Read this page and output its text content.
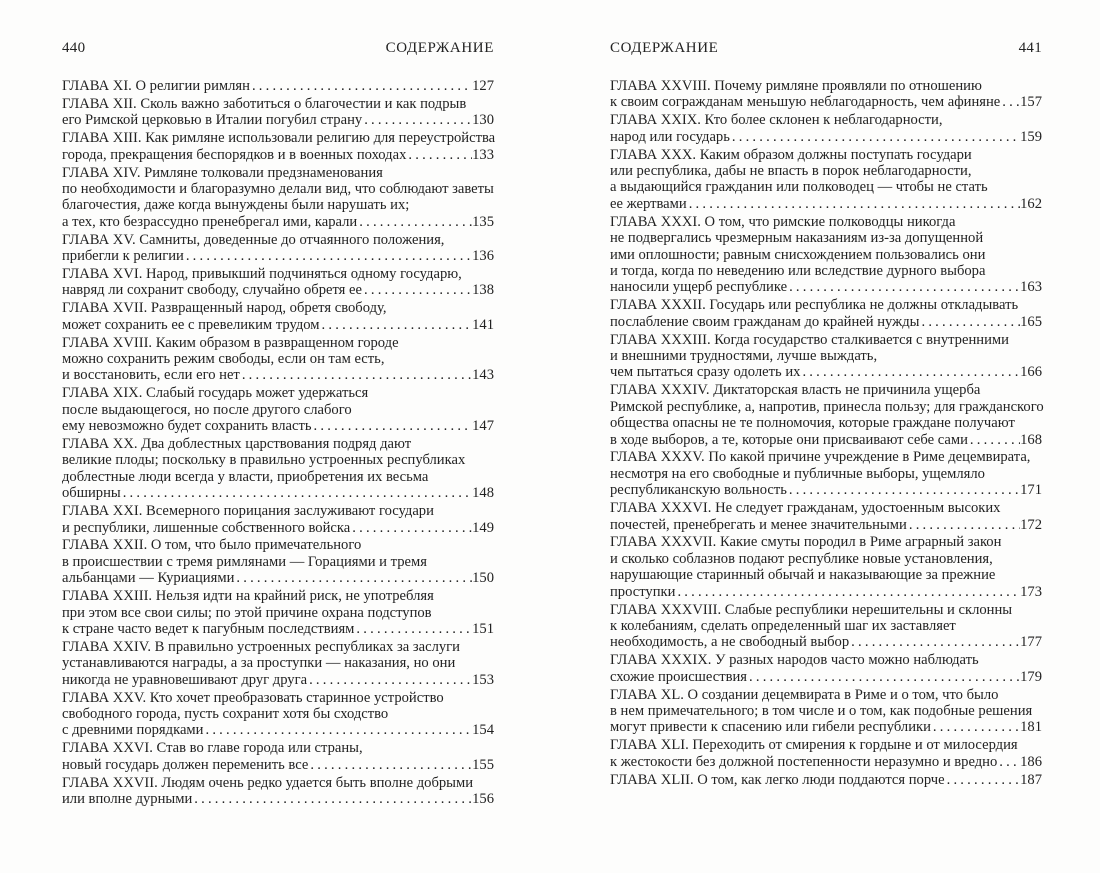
440	СОДЕРЖАНИЕ
ГЛАВА XI. О религии римлян .....	127
ГЛАВА XII. Сколь важно заботиться о благочестии и как подрыв
его Римской церковью в Италии погубил страну .....	130
ГЛАВА XIII. Как римляне использовали религию для переустройства
города, прекращения беспорядков и в военных походах .....	133
ГЛАВА XIV. Римляне толковали предзнаменования
по необходимости и благоразумно делали вид, что соблюдают заветы
благочестия, даже когда вынуждены были нарушать их;
а тех, кто безрассудно пренебрегал ими, карали .....	135
ГЛАВА XV. Самниты, доведенные до отчаянного положения,
прибегли к религии .....	136
ГЛАВА XVI. Народ, привыкший подчиняться одному государю,
навряд ли сохранит свободу, случайно обретя ее .....	138
ГЛАВА XVII. Развращенный народ, обретя свободу,
может сохранить ее с превеликим трудом .....	141
ГЛАВА XVIII. Каким образом в развращенном городе
можно сохранить режим свободы, если он там есть,
и восстановить, если его нет .....	143
ГЛАВА XIX. Слабый государь может удержаться
после выдающегося, но после другого слабого
ему невозможно будет сохранить власть .....	147
ГЛАВА XX. Два доблестных царствования подряд дают
великие плоды; поскольку в правильно устроенных республиках
доблестные люди всегда у власти, приобретения их весьма
обширны .....	148
ГЛАВА XXI. Всемерного порицания заслуживают государи
и республики, лишенные собственного войска .....	149
ГЛАВА XXII. О том, что было примечательного
в происшествии с тремя римлянами — Горациями и тремя
альбанцами — Куриациями .....	150
ГЛАВА XXIII. Нельзя идти на крайний риск, не употребляя
при этом все свои силы; по этой причине охрана подступов
к стране часто ведет к пагубным последствиям .....	151
ГЛАВА XXIV. В правильно устроенных республиках за заслуги
устанавливаются награды, а за проступки — наказания, но они
никогда не уравновешивают друг друга .....	153
ГЛАВА XXV. Кто хочет преобразовать старинное устройство
свободного города, пусть сохранит хотя бы сходство
с древними порядками .....	154
ГЛАВА XXVI. Став во главе города или страны,
новый государь должен переменить все .....	155
ГЛАВА XXVII. Людям очень редко удается быть вполне добрыми
или вполне дурными .....	156
СОДЕРЖАНИЕ	441
ГЛАВА XXVIII. Почему римляне проявляли по отношению
к своим согражданам меньшую неблагодарность, чем афиняне ..... 157
ГЛАВА XXIX. Кто более склонен к неблагодарности,
народ или государь .....	159
ГЛАВА XXX. Каким образом должны поступать государи
или республика, дабы не впасть в порок неблагодарности,
а выдающийся гражданин или полководец — чтобы не стать
ее жертвами .....	162
ГЛАВА XXXI. О том, что римские полководцы никогда
не подвергались чрезмерным наказаниям из-за допущенной
ими оплошности; равным снисхождением пользовались они
и тогда, когда по неведению или вследствие дурного выбора
наносили ущерб республике .....	163
ГЛАВА XXXII. Государь или республика не должны откладывать
послабление своим гражданам до крайней нужды .....	165
ГЛАВА XXXIII. Когда государство сталкивается с внутренними
и внешними трудностями, лучше выждать,
чем пытаться сразу одолеть их .....	166
ГЛАВА XXXIV. Диктаторская власть не причинила ущерба
Римской республике, а, напротив, принесла пользу; для гражданского
общества опасны не те полномочия, которые граждане получают
в ходе выборов, а те, которые они присваивают себе сами .....	168
ГЛАВА XXXV. По какой причине учреждение в Риме децемвирата,
несмотря на его свободные и публичные выборы, ущемляло
республиканскую вольность .....	171
ГЛАВА XXXVI. Не следует гражданам, удостоенным высоких
почестей, пренебрегать и менее значительными .....	172
ГЛАВА XXXVII. Какие смуты породил в Риме аграрный закон
и сколько соблазнов подают республике новые установления,
нарушающие старинный обычай и наказывающие за прежние
проступки .....	173
ГЛАВА XXXVIII. Слабые республики нерешительны и склонны
к колебаниям, сделать определенный шаг их заставляет
необходимость, а не свободный выбор .....	177
ГЛАВА XXXIX. У разных народов часто можно наблюдать
схожие происшествия .....	179
ГЛАВА XL. О создании децемвирата в Риме и о том, что было
в нем примечательного; в том числе и о том, как подобные решения
могут привести к спасению или гибели республики .....	181
ГЛАВА XLI. Переходить от смирения к гордыне и от милосердия
к жестокости без должной постепенности неразумно и вредно ..... 186
ГЛАВА XLII. О том, как легко люди поддаются порче .....	187
